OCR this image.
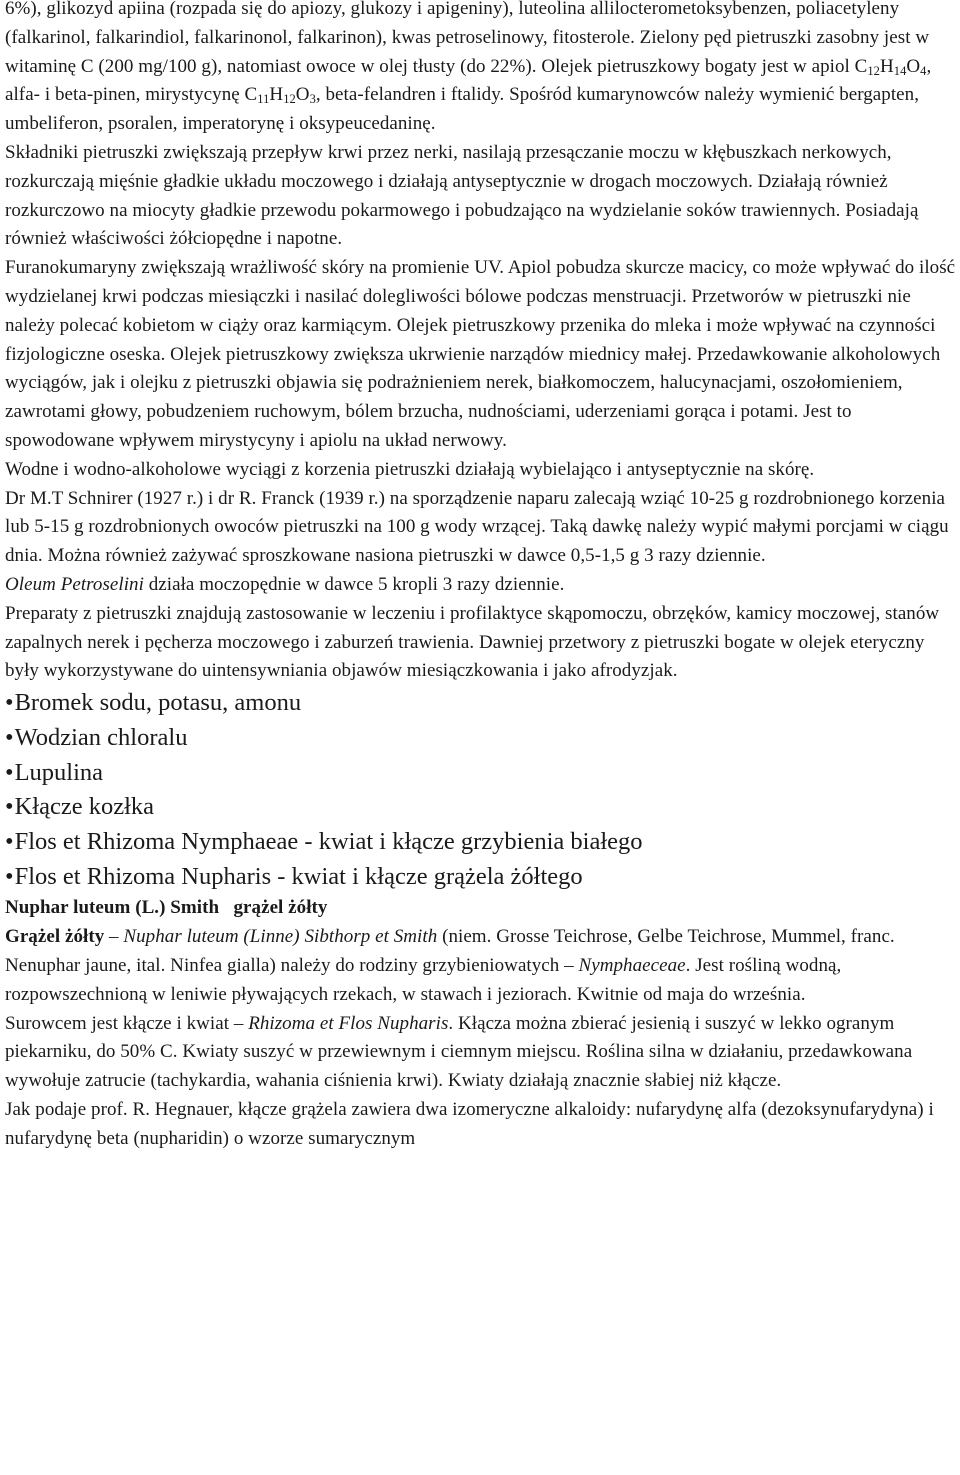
6%), glikozyd apiina (rozpada się do apiozy, glukozy i apigeniny), luteolina allilocterometoksybenzen, poliacetyleny (falkarinol, falkarindiol, falkarinonol, falkarinon), kwas petroselinowy, fitosterole. Zielony pęd pietruszki zasobny jest w witaminę C (200 mg/100 g), natomiast owoce w olej tłusty (do 22%). Olejek pietruszkowy bogaty jest w apiol $C_{12}H_{14}O_4$, alfa- i beta-pinen, mirystycynę $C_{11}H_{12}O_3$, beta-felandren i ftalidy. Spośród kumarynowców należy wymienić bergapten, umbeliferon, psoralen, imperatorynę i oksypeucedaninę.

Składniki pietruszki zwiększają przepływ krwi przez nerki, nasilają przesączanie moczu w kłębuszkach nerkowych, rozkurczają mięśnie gładkie układu moczowego i działają antyseptycznie w drogach moczowych. Działają również rozkurczowo na miocyty gładkie przewodu pokarmowego i pobudzająco na wydzielanie soków trawiennych. Posiadają również właściwości żółciopędne i napotne.

Furanokumaryny zwiększają wrażliwość skóry na promienie UV. Apiol pobudza skurcze macicy, co może wpływać do ilość wydzielanej krwi podczas miesiączki i nasilać dolegliwości bólowe podczas menstruacji. Przetworów w pietruszki nie należy polecać kobietom w ciąży oraz karmiącym. Olejek pietruszkowy przenika do mleka i może wpływać na czynności fizjologiczne oseska. Olejek pietruszkowy zwiększa ukrwienie narządów miednicy małej. Przedawkowanie alkoholowych wyciągów, jak i olejku z pietruszki objawia się podrażnieniem nerek, białkomoczem, halucynacjami, oszołomieniem, zawrotami głowy, pobudzeniem ruchowym, bólem brzucha, nudnościami, uderzeniami gorąca i potami. Jest to spowodowane wpływem mirystycyny i apiolu na układ nerwowy.

Wodne i wodno-alkoholowe wyciągi z korzenia pietruszki działają wybielająco i antyseptycznie na skórę.

Dr M.T Schnirer (1927 r.) i dr R. Franck (1939 r.) na sporządzenie naparu zalecają wziąć 10-25 g rozdrobnionego korzenia lub 5-15 g rozdrobnionych owoców pietruszki na 100 g wody wrzącej. Taką dawkę należy wypić małymi porcjami w ciągu dnia. Można również zażywać sproszkowane nasiona pietruszki w dawce 0,5-1,5 g 3 razy dziennie.

Oleum Petroselini działa moczopędnie w dawce 5 kropli 3 razy dziennie.

Preparaty z pietruszki znajdują zastosowanie w leczeniu i profilaktyce skąpomoczu, obrzęków, kamicy moczowej, stanów zapalnych nerek i pęcherza moczowego i zaburzeń trawienia. Dawniej przetwory z pietruszki bogate w olejek eteryczny były wykorzystywane do uintensywniania objawów miesiączkowania i jako afrodyzjak.

•Bromek sodu, potasu, amonu
•Wodzian chloralu
•Lupulina
•Kłącze kozłka
•Flos et Rhizoma Nymphaeae - kwiat i kłącze grzybienia białego
•Flos et Rhizoma Nupharis - kwiat i kłącze grążela żółtego

Nuphar luteum (L.) Smith   grążel żółty

Grążel żółty – Nuphar luteum (Linne) Sibthorp et Smith (niem. Grosse Teichrose, Gelbe Teichrose, Mummel, franc. Nenuphar jaune, ital. Ninfea gialla) należy do rodziny grzybieniowatych – Nymphaeceae. Jest rośliną wodną, rozpowszechnioną w leniwie pływających rzekach, w stawach i jeziorach. Kwitnie od maja do września.

Surowcem jest kłącze i kwiat – Rhizoma et Flos Nupharis. Kłącza można zbierać jesienią i suszyć w lekko ogranym piekarniku, do 50% C. Kwiaty suszyć w przewiewnym i ciemnym miejscu. Roślina silna w działaniu, przedawkowana wywołuje zatrucie (tachykardia, wahania ciśnienia krwi). Kwiaty działają znacznie słabiej niż kłącze.

Jak podaje prof. R. Hegnauer, kłącze grążela zawiera dwa izomeryczne alkaloidy: nufarydynę alfa (dezoksynufarydyna) i nufarydynę beta (nupharidin) o wzorze sumarycznym
